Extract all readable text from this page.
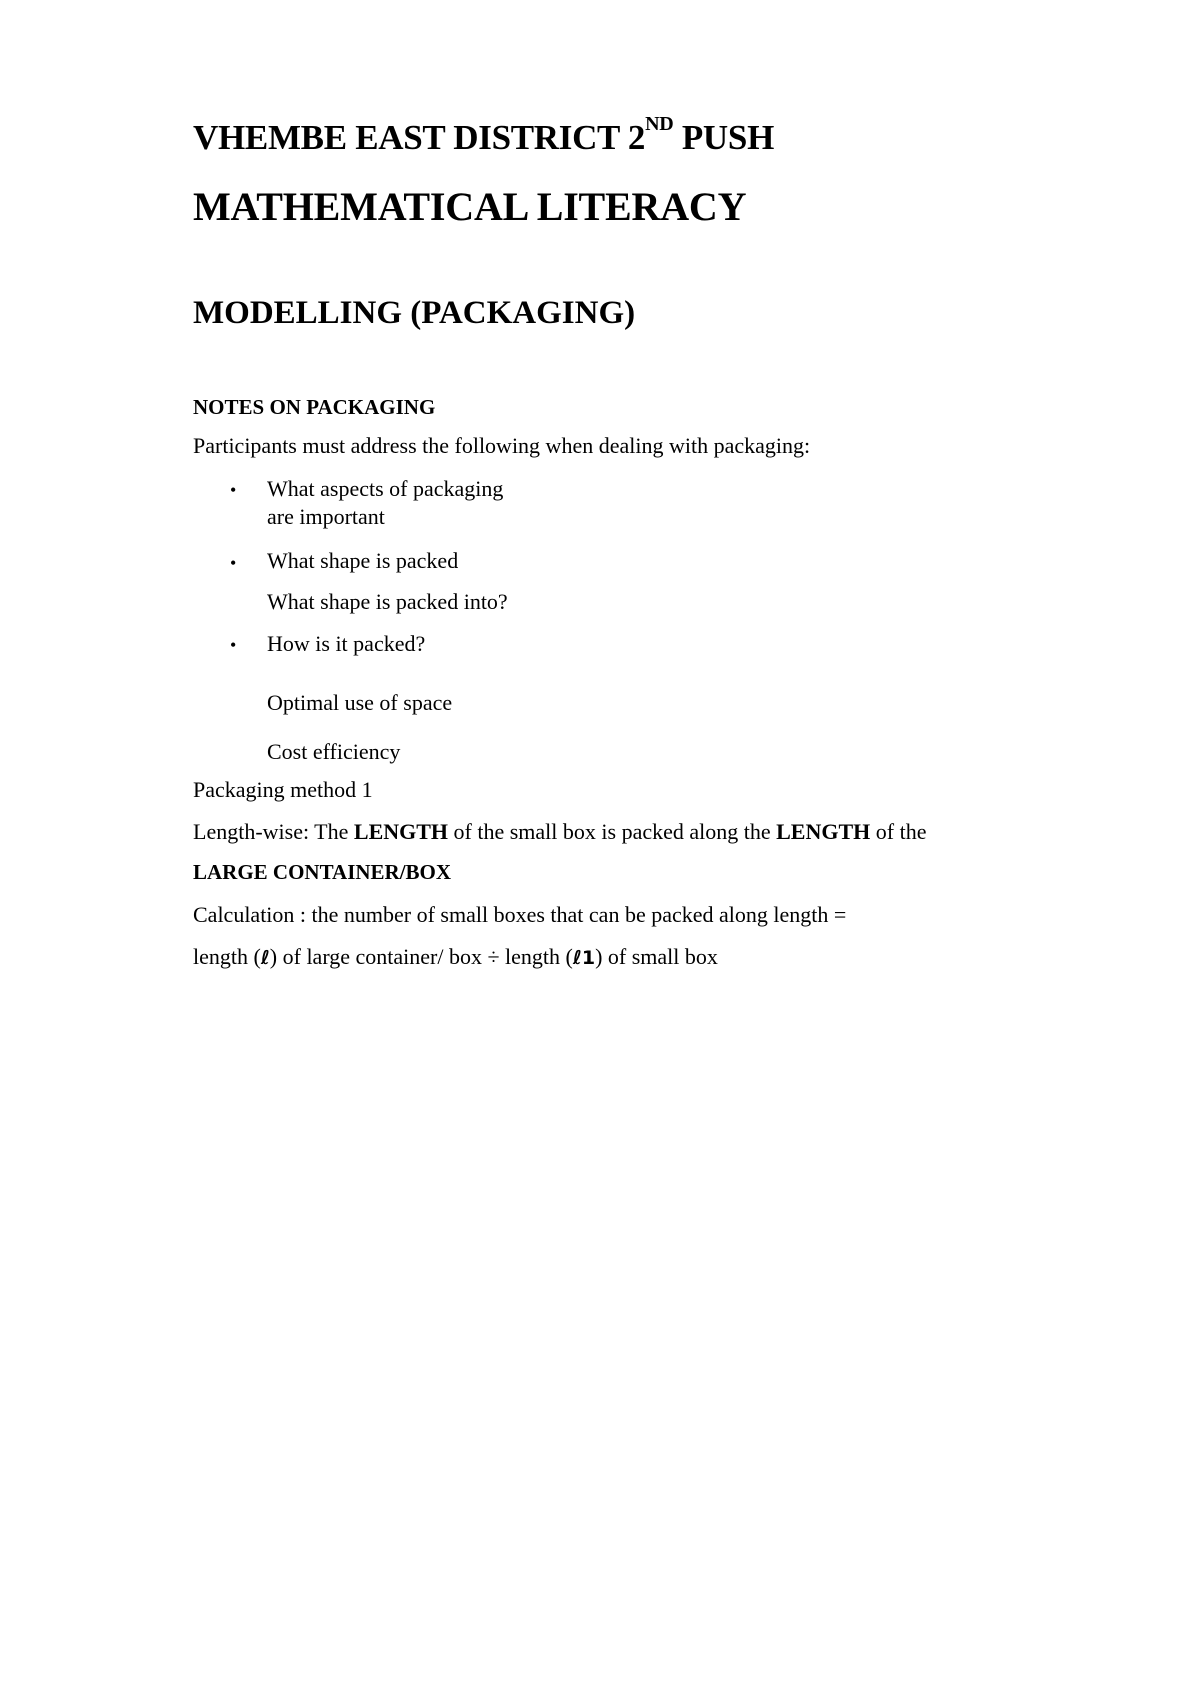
VHEMBE EAST DISTRICT 2ND PUSH
MATHEMATICAL LITERACY
MODELLING (PACKAGING)
NOTES ON PACKAGING
Participants must address the following when dealing with packaging:
• What aspects of packaging
are important
• What shape is packed
What shape is packed into?
• How is it packed?
Optimal use of space
Cost efficiency
Packaging method 1
Length-wise: The LENGTH of the small box is packed along the LENGTH of the
LARGE CONTAINER/BOX
Calculation : the number of small boxes that can be packed along length =
length (ℓ) of large container/ box ÷ length (ℓ1) of small box
